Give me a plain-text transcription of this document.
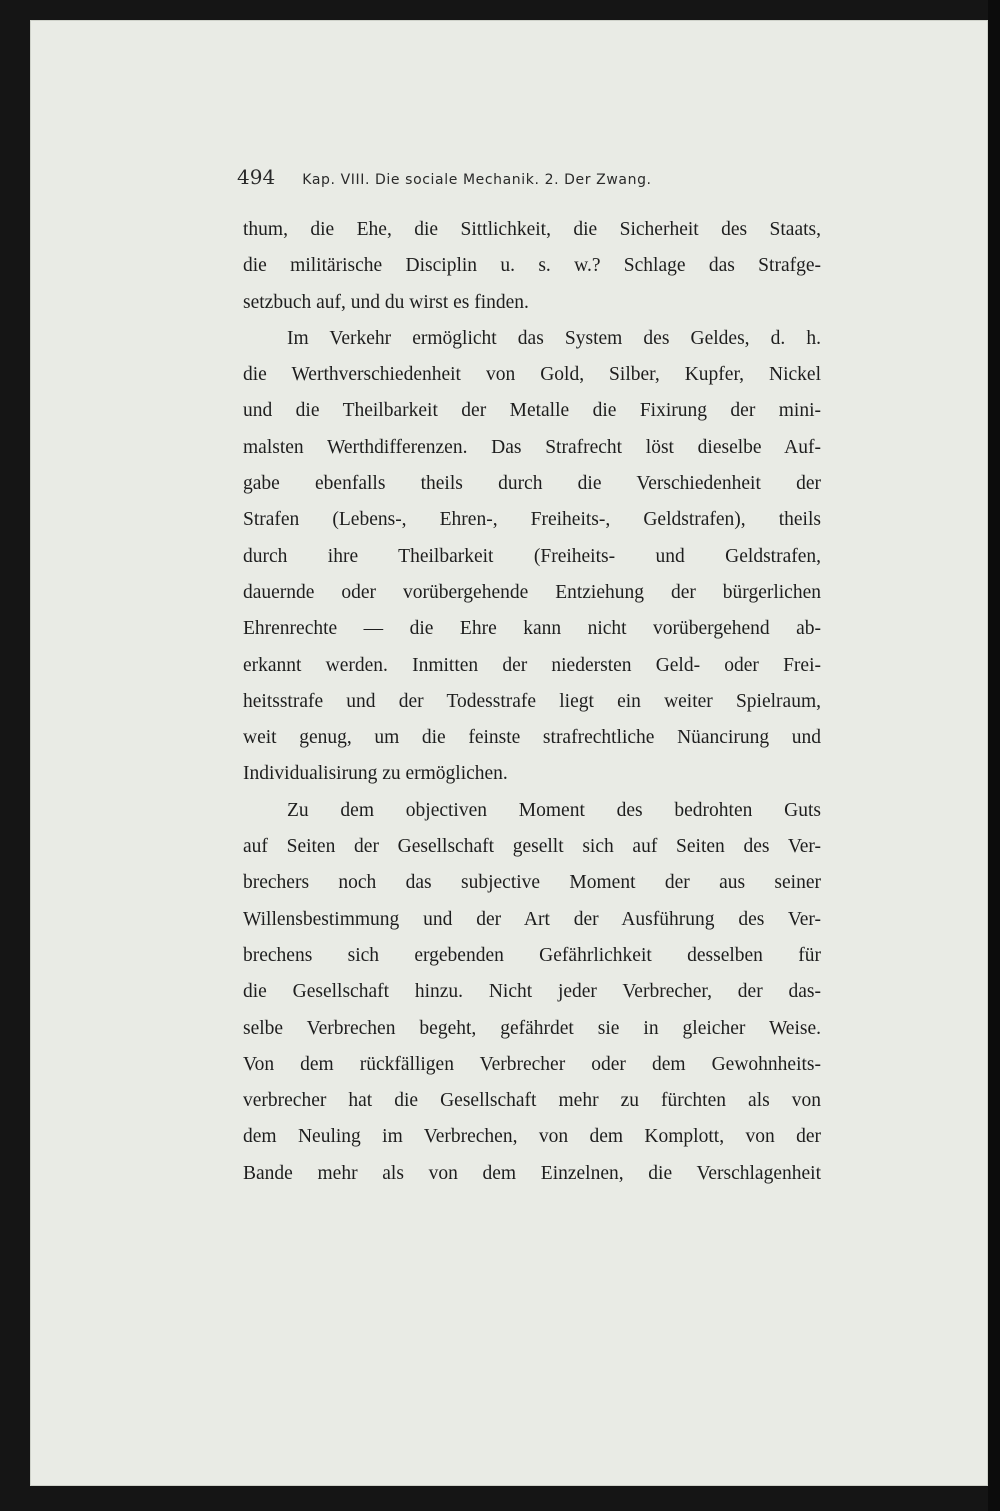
494 Kap. VIII. Die sociale Mechanik. 2. Der Zwang.
thum, die Ehe, die Sittlichkeit, die Sicherheit des Staats,
die militärische Disciplin u. s. w.? Schlage das Strafge-
setzbuch auf, und du wirst es finden.
Im Verkehr ermöglicht das System des Geldes, d. h.
die Werthverschiedenheit von Gold, Silber, Kupfer, Nickel
und die Theilbarkeit der Metalle die Fixirung der mini-
malsten Werthdifferenzen. Das Strafrecht löst dieselbe Auf-
gabe ebenfalls theils durch die Verschiedenheit der
Strafen (Lebens-, Ehren-, Freiheits-, Geldstrafen), theils
durch ihre Theilbarkeit (Freiheits- und Geldstrafen,
dauernde oder vorübergehende Entziehung der bürgerlichen
Ehrenrechte — die Ehre kann nicht vorübergehend ab-
erkannt werden. Inmitten der niedersten Geld- oder Frei-
heitsstrafe und der Todesstrafe liegt ein weiter Spielraum,
weit genug, um die feinste strafrechtliche Nüancirung und
Individualisirung zu ermöglichen.
Zu dem objectiven Moment des bedrohten Guts
auf Seiten der Gesellschaft gesellt sich auf Seiten des Ver-
brechers noch das subjective Moment der aus seiner
Willensbestimmung und der Art der Ausführung des Ver-
brechens sich ergebenden Gefährlichkeit desselben für
die Gesellschaft hinzu. Nicht jeder Verbrecher, der das-
selbe Verbrechen begeht, gefährdet sie in gleicher Weise.
Von dem rückfälligen Verbrecher oder dem Gewohnheits-
verbrecher hat die Gesellschaft mehr zu fürchten als von
dem Neuling im Verbrechen, von dem Komplott, von der
Bande mehr als von dem Einzelnen, die Verschlagenheit
